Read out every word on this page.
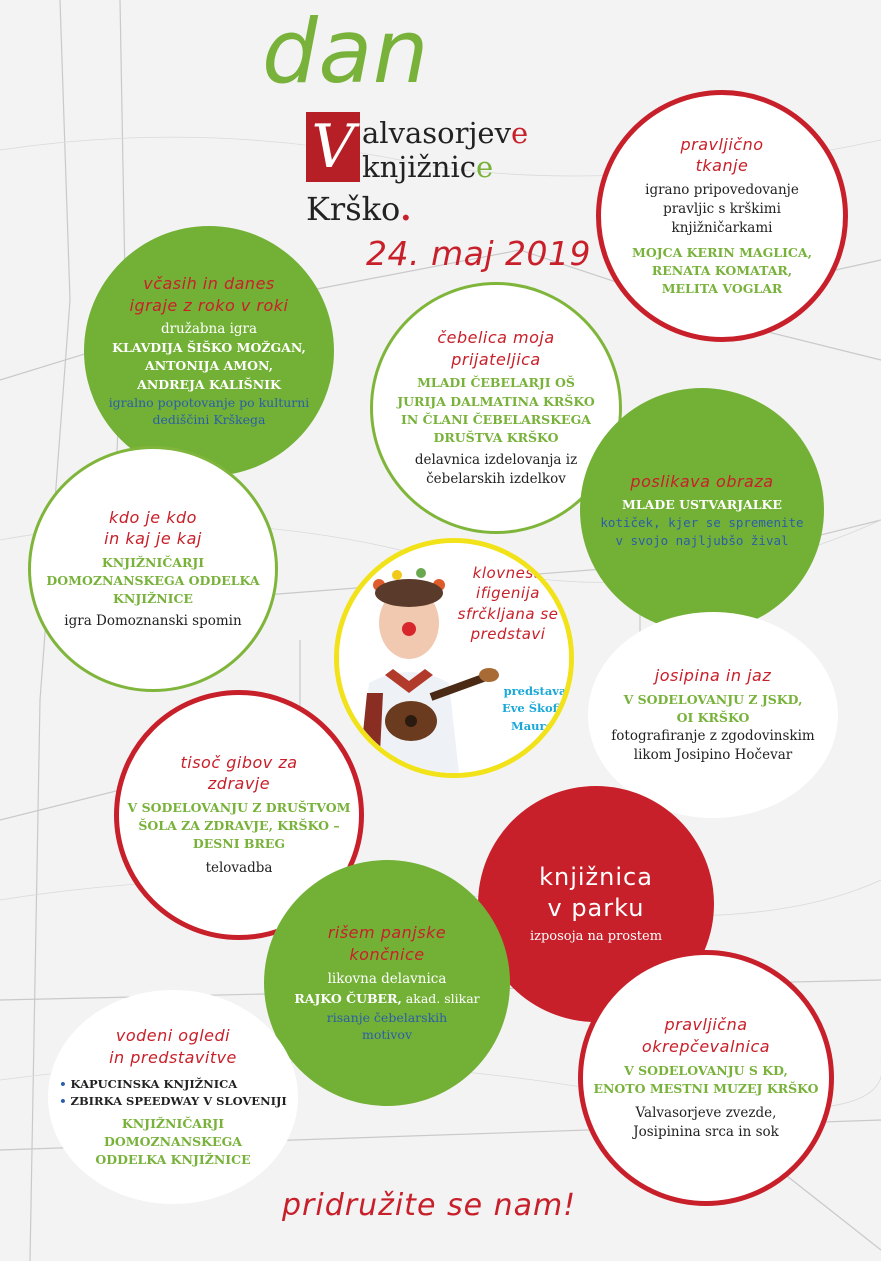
dan
V alvasorjeve
knjižnice
Krško.
24. maj 2019
pravljično
tkanje
igrano pripovedovanje
pravljic s krškimi
knjižničarkami
MOJCA KERIN MAGLICA,
RENATA KOMATAR,
MELITA VOGLAR
včasih in danes
igraje z roko v roki
družabna igra
KLAVDIJA ŠIŠKO MOŽGAN,
ANTONIJA AMON,
ANDREJA KALIŠNIK
igralno popotovanje po kulturni
dediščini Krškega
čebelica moja
prijateljica
MLADI ČEBELARJI OŠ
JURIJA DALMATINA KRŠKO
IN ČLANI ČEBELARSKEGA
DRUŠTVA KRŠKO
delavnica izdelovanja iz
čebelarskih izdelkov	poslikava obraza
MLADE USTVARJALKE
kotiček, kjer se spremenite
v svojo najljubšo žival
kdo je kdo
in kaj je kaj
KNJIŽNIČARJI
DOMOZNANSKEGA ODDELKA
KNJIŽNICE
igra Domoznanski spomin
klovnesa
ifigenija
sfrčkljana se
predstavi
predstava
Eve Škofič
Maurer
josipina in jaz
V SODELOVANJU Z JSKD,
OI KRŠKO
fotografiranje z zgodovinskim
likom Josipino Hočevar
tisoč gibov za
zdravje
V SODELOVANJU Z DRUŠTVOM
ŠOLA ZA ZDRAVJE, KRŠKO –
DESNI BREG
telovadba	knjižnica
v parku
izposoja na prostem
rišem panjske
končnice
likovna delavnica
RAJKO ČUBER, akad. slikar
risanje čebelarskih
motivov
vodeni ogledi
in predstavitve
• KAPUCINSKA KNJIŽNICA
• ZBIRKA SPEEDWAY V SLOVENIJI
KNJIŽNIČARJI
DOMOZNANSKEGA
ODDELKA KNJIŽNICE
pravljična
okrepčevalnica
V SODELOVANJU S KD,
ENOTO MESTNI MUZEJ KRŠKO
Valvasorjeve zvezde,
Josipinina srca in sok
pridružite se nam!
